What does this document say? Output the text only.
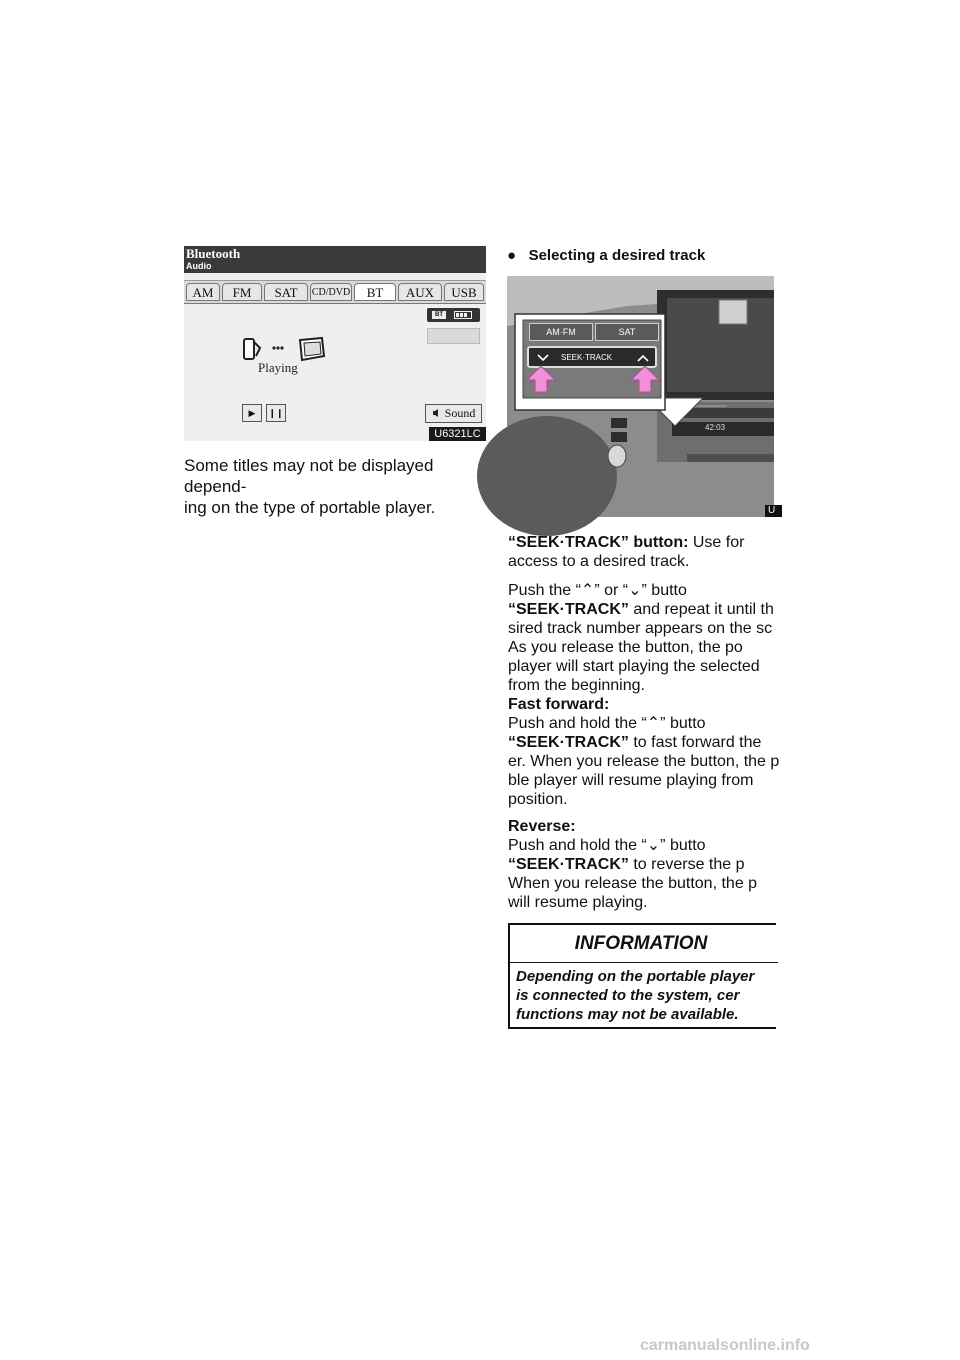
Bluetooth
Audio
AM	FM	SAT	CD/DVD	BT	AUX	USB
BT
Playing
▶	❙❙	Sound
U6321LC
Some titles may not be displayed depend-
ing on the type of portable player.
● Selecting a desired track
AM·FM	SAT
SEEK·TRACK
42:03
U
“SEEK·TRACK” button: Use for
access to a desired track.
Push the “⌃” or “⌄” butto
“SEEK·TRACK” and repeat it until th
sired track number appears on the sc
As you release the button, the po
player will start playing the selected
from the beginning.
Fast forward:
Push and hold the “⌃” butto
“SEEK·TRACK” to fast forward the
er. When you release the button, the p
ble player will resume playing from
position.
Reverse:
Push and hold the “⌄” butto
“SEEK·TRACK” to reverse the p
When you release the button, the p
will resume playing.
INFORMATION
Depending on the portable player
is connected to the system, cer
functions may not be available.
carmanualsonline.info
